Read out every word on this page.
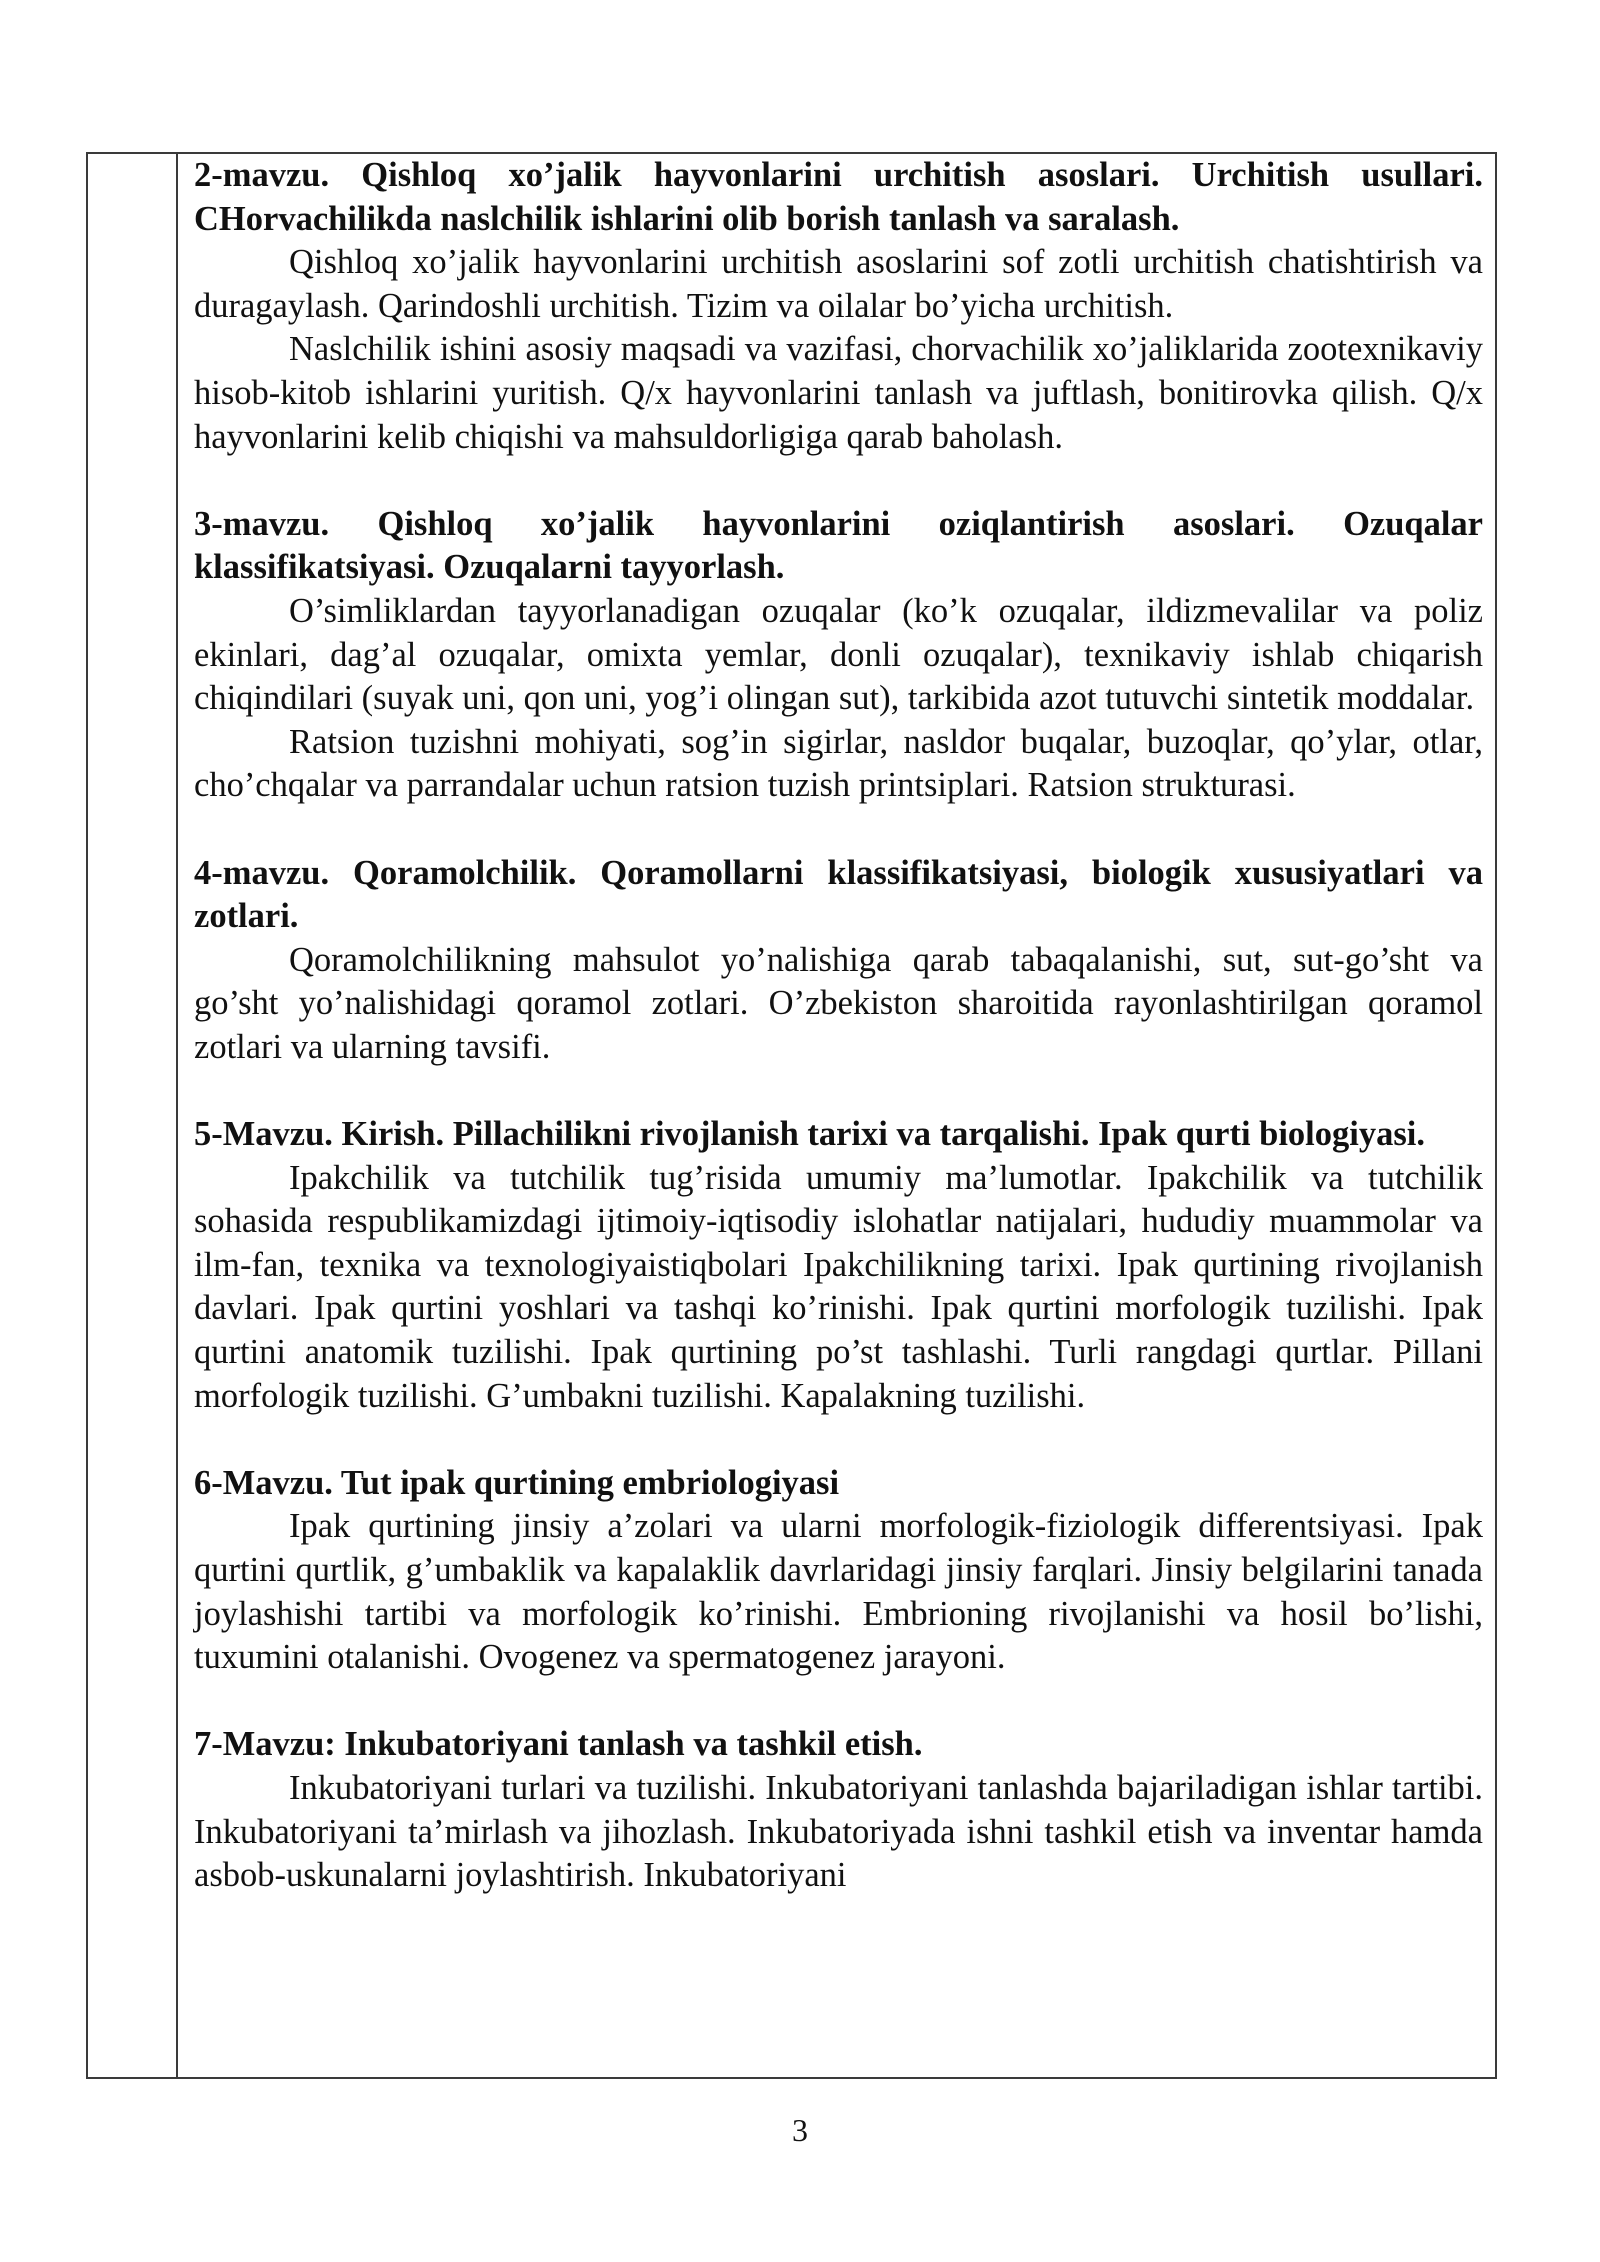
2-mavzu. Qishloq xo’jalik hayvonlarini urchitish asoslari. Urchitish usullari. CHorvachilikda naslchilik ishlarini olib borish tanlash va saralash.

Qishloq xo’jalik hayvonlarini urchitish asoslarini sof zotli urchitish chatishtirish va duragaylash. Qarindoshli urchitish. Tizim va oilalar bo’yicha urchitish.

Naslchilik ishini asosiy maqsadi va vazifasi, chorvachilik xo’jaliklarida zootexnikaviy hisob-kitob ishlarini yuritish. Q/x hayvonlarini tanlash va juftlash, bonitirovka qilish. Q/x hayvonlarini kelib chiqishi va mahsuldorligiga qarab baholash.

3-mavzu. Qishloq xo’jalik hayvonlarini oziqlantirish asoslari. Ozuqalar klassifikatsiyasi. Ozuqalarni tayyorlash.

O’simliklardan tayyorlanadigan ozuqalar (ko’k ozuqalar, ildizmevalilar va poliz ekinlari, dag’al ozuqalar, omixta yemlar, donli ozuqalar), texnikaviy ishlab chiqarish chiqindilari (suyak uni, qon uni, yog’i olingan sut), tarkibida azot tutuvchi sintetik moddalar.

Ratsion tuzishni mohiyati, sog’in sigirlar, nasldor buqalar, buzoqlar, qo’ylar, otlar, cho’chqalar va parrandalar uchun ratsion tuzish printsiplari. Ratsion strukturasi.

4-mavzu. Qoramolchilik. Qoramollarni klassifikatsiyasi, biologik xususiyatlari va zotlari.

Qoramolchilikning mahsulot yo’nalishiga qarab tabaqalanishi, sut, sut-go’sht va go’sht yo’nalishidagi qoramol zotlari. O’zbekiston sharoitida rayonlashtirilgan qoramol zotlari va ularning tavsifi.

5-Mavzu. Kirish. Pillachilikni rivojlanish tarixi va tarqalishi. Ipak qurti biologiyasi.

Ipakchilik va tutchilik tug’risida umumiy ma’lumotlar. Ipakchilik va tutchilik sohasida respublikamizdagi ijtimoiy-iqtisodiy islohatlar natijalari, hududiy muammolar va ilm-fan, texnika va texnologiyaistiqbolari Ipakchilikning tarixi. Ipak qurtining rivojlanish davlari. Ipak qurtini yoshlari va tashqi ko’rinishi. Ipak qurtini morfologik tuzilishi. Ipak qurtini anatomik tuzilishi. Ipak qurtining po’st tashlashi. Turli rangdagi qurtlar. Pillani morfologik tuzilishi. G’umbakni tuzilishi. Kapalakning tuzilishi.

6-Mavzu. Tut ipak qurtining embriologiyasi

Ipak qurtining jinsiy a’zolari va ularni morfologik-fiziologik differentsiyasi. Ipak qurtini qurtlik, g’umbaklik va kapalaklik davrlaridagi jinsiy farqlari. Jinsiy belgilarini tanada joylashishi tartibi va morfologik ko’rinishi. Embrioning rivojlanishi va hosil bo’lishi, tuxumini otalanishi. Ovogenez va spermatogenez jarayoni.

7-Mavzu: Inkubatoriyani tanlash va tashkil etish.

Inkubatoriyani turlari va tuzilishi. Inkubatoriyani tanlashda bajariladigan ishlar tartibi. Inkubatoriyani ta’mirlash va jihozlash. Inkubatoriyada ishni tashkil etish va inventar hamda asbob-uskunalarni joylashtirish. Inkubatoriyani

3
